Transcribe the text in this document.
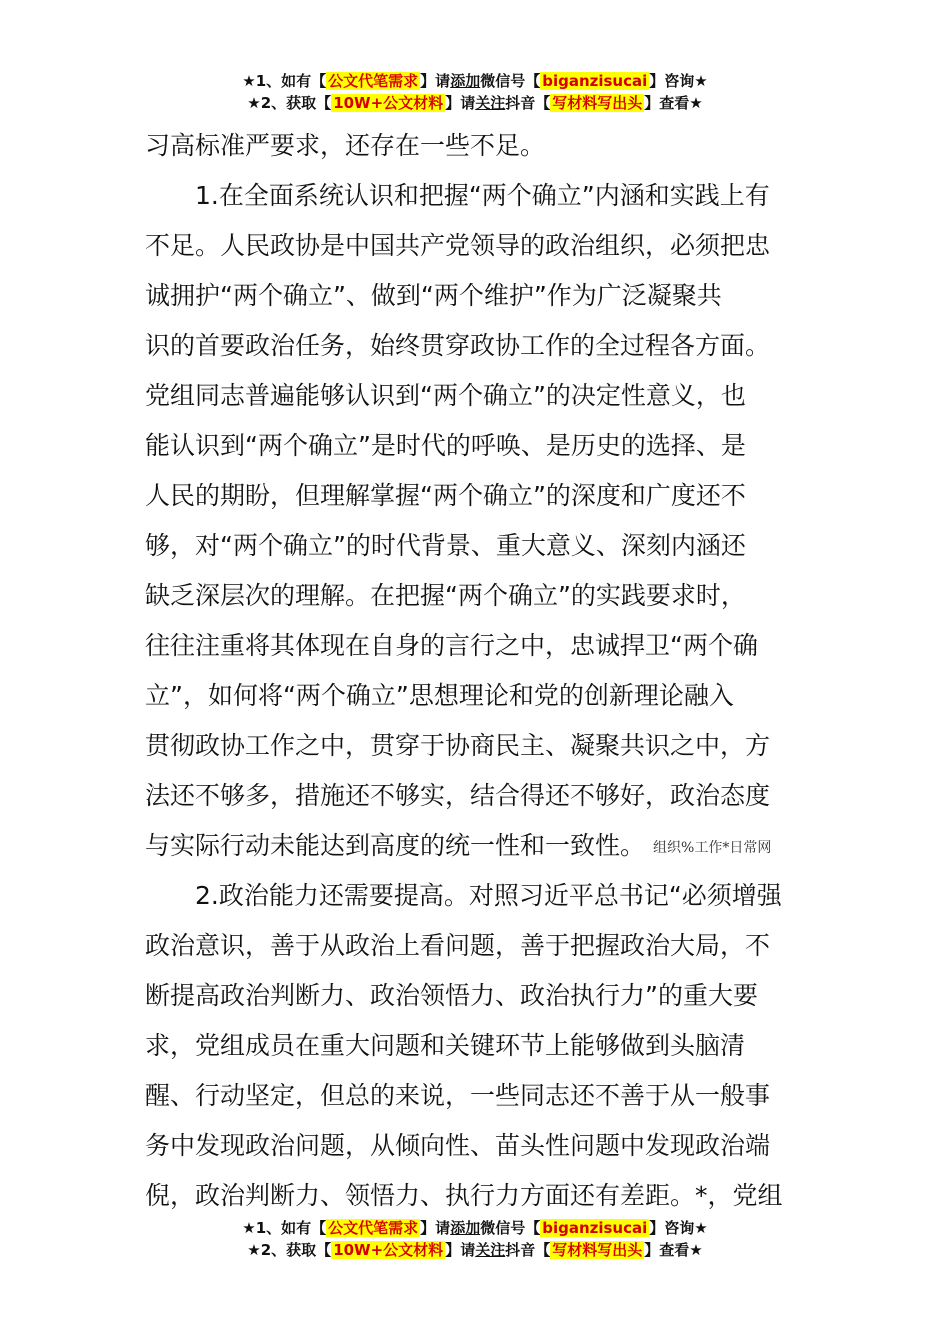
★1、如有【 公文代笔需求 】请添加微信号【 biganzisucai 】咨询★
★2、获取【 10W+公文材料 】请关注抖音【 写材料写出头 】查看★
习高标准严要求，还存在一些不足。
　　1.在全面系统认识和把握“两个确立”内涵和实践上有
不足。人民政协是中国共产党领导的政治组织，必须把忠
诚拥护“两个确立”、做到“两个维护”作为广泛凝聚共
识的首要政治任务，始终贯穿政协工作的全过程各方面。
党组同志普遍能够认识到“两个确立”的决定性意义，也
能认识到“两个确立”是时代的呼唤、是历史的选择、是
人民的期盼，但理解掌握“两个确立”的深度和广度还不
够，对“两个确立”的时代背景、重大意义、深刻内涵还
缺乏深层次的理解。在把握“两个确立”的实践要求时，
往往注重将其体现在自身的言行之中，忠诚捍卫“两个确
立”，如何将“两个确立”思想理论和党的创新理论融入
贯彻政协工作之中，贯穿于协商民主、凝聚共识之中，方
法还不够多，措施还不够实，结合得还不够好，政治态度
与实际行动未能达到高度的统一性和一致性。 组织%工作*日常网
　　2.政治能力还需要提高。对照习近平总书记“必须增强
政治意识，善于从政治上看问题，善于把握政治大局，不
断提高政治判断力、政治领悟力、政治执行力”的重大要
求，党组成员在重大问题和关键环节上能够做到头脑清
醒、行动坚定，但总的来说，一些同志还不善于从一般事
务中发现政治问题，从倾向性、苗头性问题中发现政治端
倪，政治判断力、领悟力、执行力方面还有差距。*，党组
★1、如有【 公文代笔需求 】请添加微信号【 biganzisucai 】咨询★
★2、获取【 10W+公文材料 】请关注抖音【 写材料写出头 】查看★
